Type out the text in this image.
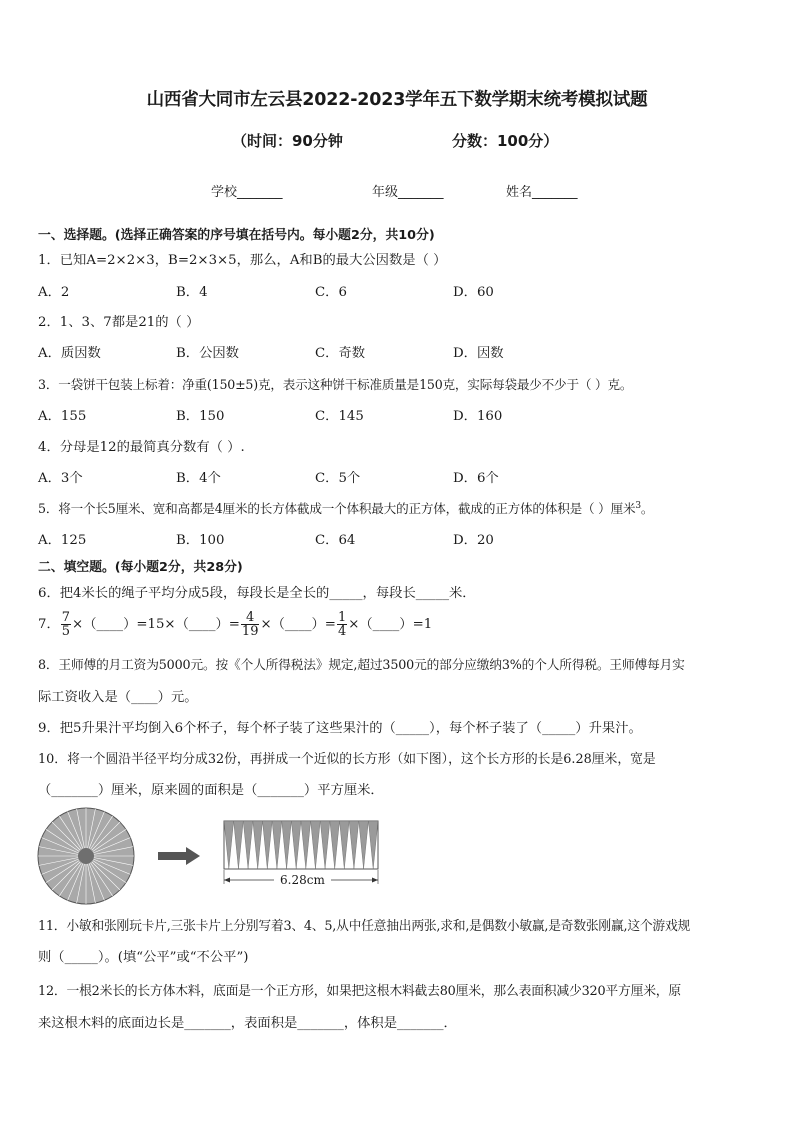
山西省大同市左云县2022-2023学年五下数学期末统考模拟试题
（时间：90分钟	分数：100分）
学校_______	年级_______	姓名_______
一、选择题。(选择正确答案的序号填在括号内。每小题2分，共10分)
1．已知A=2×2×3，B=2×3×5，那么，A和B的最大公因数是（ ）
A．2	B．4	C．6	D．60
2．1、3、7都是21的（ ）
A．质因数	B．公因数	C．奇数	D．因数
3．一袋饼干包装上标着：净重(150±5)克，表示这种饼干标准质量是150克，实际每袋最少不少于（ ）克。
A．155	B．150	C．145	D．160
4．分母是12的最简真分数有（ ）.
A．3个	B．4个	C．5个	D．6个
5．将一个长5厘米、宽和高都是4厘米的长方体截成一个体积最大的正方体，截成的正方体的体积是（ ）厘米$^3$。
A．125	B．100	C．64	D．20
二、填空题。(每小题2分，共28分)
6．把4米长的绳子平均分成5段，每段长是全长的_____，每段长_____米．
7． $\frac{7}{5}$ ×（____）=15×（____）= $\frac{4}{19}$ ×（____）= $\frac{1}{4}$ ×（____）=1
8．王师傅的月工资为5000元。按《个人所得税法》规定,超过3500元的部分应缴纳3%的个人所得税。王师傅每月实
际工资收入是（____）元。
9．把5升果汁平均倒入6个杯子，每个杯子装了这些果汁的（_____），每个杯子装了（_____）升果汁。
10．将一个圆沿半径平均分成32份，再拼成一个近似的长方形（如下图），这个长方形的长是6.28厘米，宽是
（_______）厘米，原来圆的面积是（_______）平方厘米．
6.28cm
11．小敏和张刚玩卡片,三张卡片上分别写着3、4、5,从中任意抽出两张,求和,是偶数小敏赢,是奇数张刚赢,这个游戏规
则（_____）。(填“公平”或“不公平”)
12．一根2米长的长方体木料，底面是一个正方形，如果把这根木料截去80厘米，那么表面积减少320平方厘米，原
来这根木料的底面边长是_______，表面积是_______，体积是_______．
